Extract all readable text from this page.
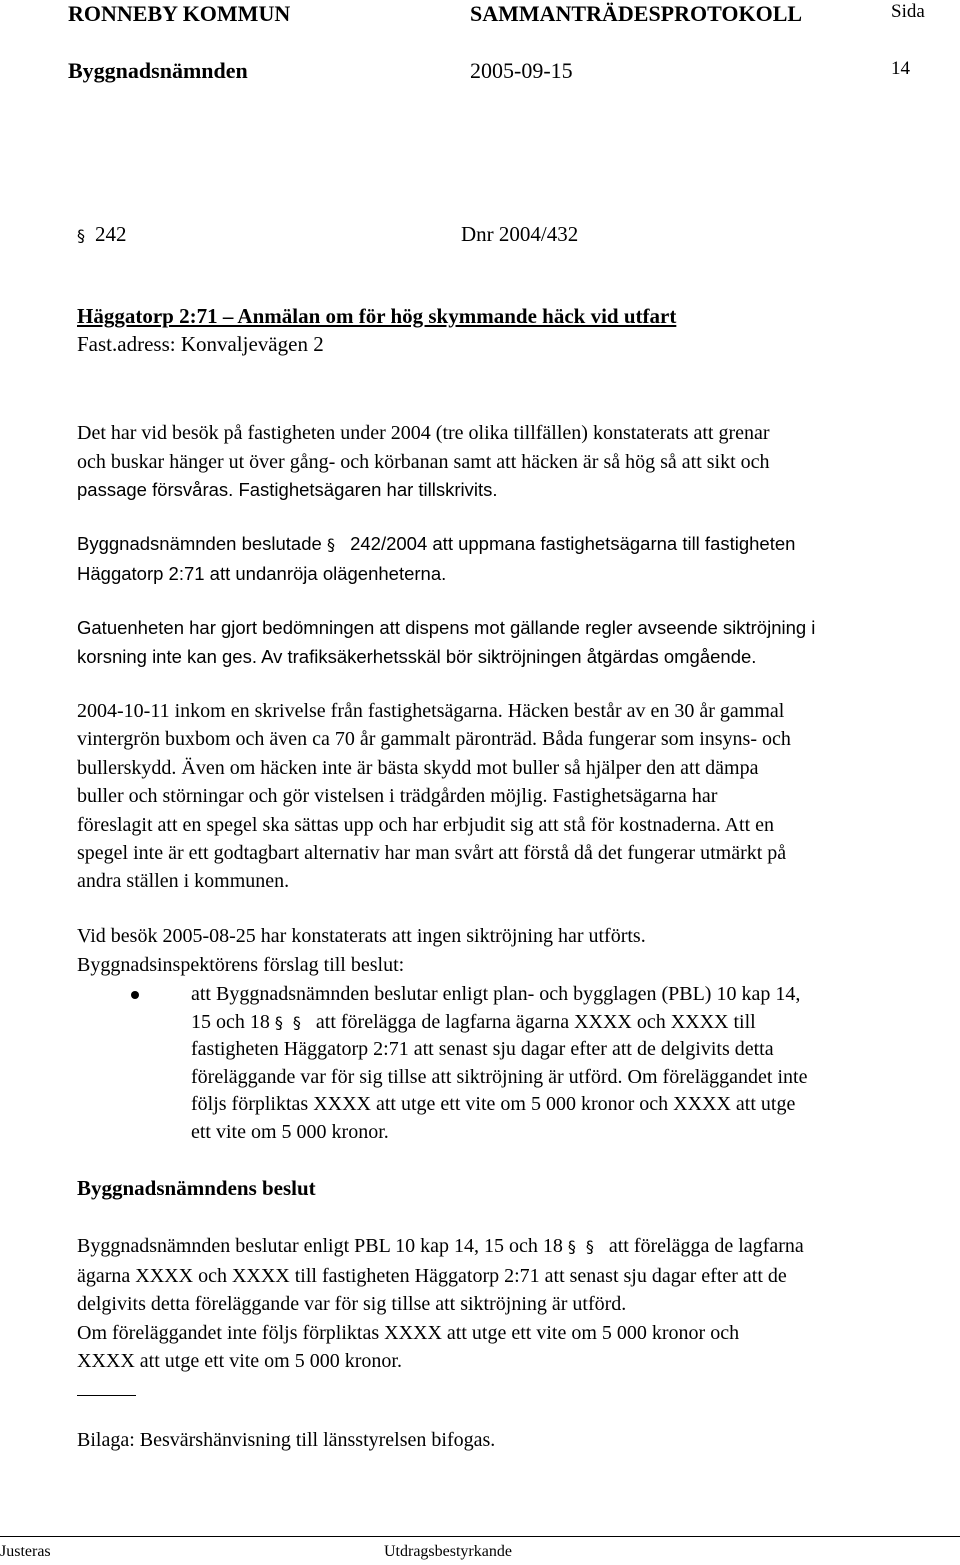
RONNEBY KOMMUN	SAMMANTRÄDESPROTOKOLL	Sida
Byggnadsnämnden	2005-09-15	14
§ 242	Dnr 2004/432
Häggatorp 2:71 – Anmälan om för hög skymmande häck vid utfart
Fast.adress: Konvaljevägen 2
Det har vid besök på fastigheten under 2004 (tre olika tillfällen) konstaterats att grenar
och buskar hänger ut över gång- och körbanan samt att häcken är så hög så att sikt och
passage försvåras. Fastighetsägaren har tillskrivits.
Byggnadsnämnden beslutade § 242/2004 att uppmana fastighetsägarna till fastigheten
Häggatorp 2:71 att undanröja olägenheterna.
Gatuenheten har gjort bedömningen att dispens mot gällande regler avseende siktröjning i
korsning inte kan ges. Av trafiksäkerhetsskäl bör siktröjningen åtgärdas omgående.
2004-10-11 inkom en skrivelse från fastighetsägarna. Häcken består av en 30 år gammal
vintergrön buxbom och även ca 70 år gammalt päronträd. Båda fungerar som insyns- och
bullerskydd. Även om häcken inte är bästa skydd mot buller så hjälper den att dämpa
buller och störningar och gör vistelsen i trädgården möjlig. Fastighetsägarna har
föreslagit att en spegel ska sättas upp och har erbjudit sig att stå för kostnaderna. Att en
spegel inte är ett godtagbart alternativ har man svårt att förstå då det fungerar utmärkt på
andra ställen i kommunen.
Vid besök 2005-08-25 har konstaterats att ingen siktröjning har utförts.
Byggnadsinspektörens förslag till beslut:
att Byggnadsnämnden beslutar enligt plan- och bygglagen (PBL) 10 kap 14,
15 och 18 § § att förelägga de lagfarna ägarna XXXX och XXXX till
fastigheten Häggatorp 2:71 att senast sju dagar efter att de delgivits detta
föreläggande var för sig tillse att siktröjning är utförd. Om föreläggandet inte
följs förpliktas XXXX att utge ett vite om 5 000 kronor och XXXX att utge
ett vite om 5 000 kronor.
Byggnadsnämndens beslut
Byggnadsnämnden beslutar enligt PBL 10 kap 14, 15 och 18 § § att förelägga de lagfarna
ägarna XXXX och XXXX till fastigheten Häggatorp 2:71 att senast sju dagar efter att de
delgivits detta föreläggande var för sig tillse att siktröjning är utförd.
Om föreläggandet inte följs förpliktas XXXX att utge ett vite om 5 000 kronor och
XXXX att utge ett vite om 5 000 kronor.
Bilaga: Besvärshänvisning till länsstyrelsen bifogas.
Justeras	Utdragsbestyrkande
